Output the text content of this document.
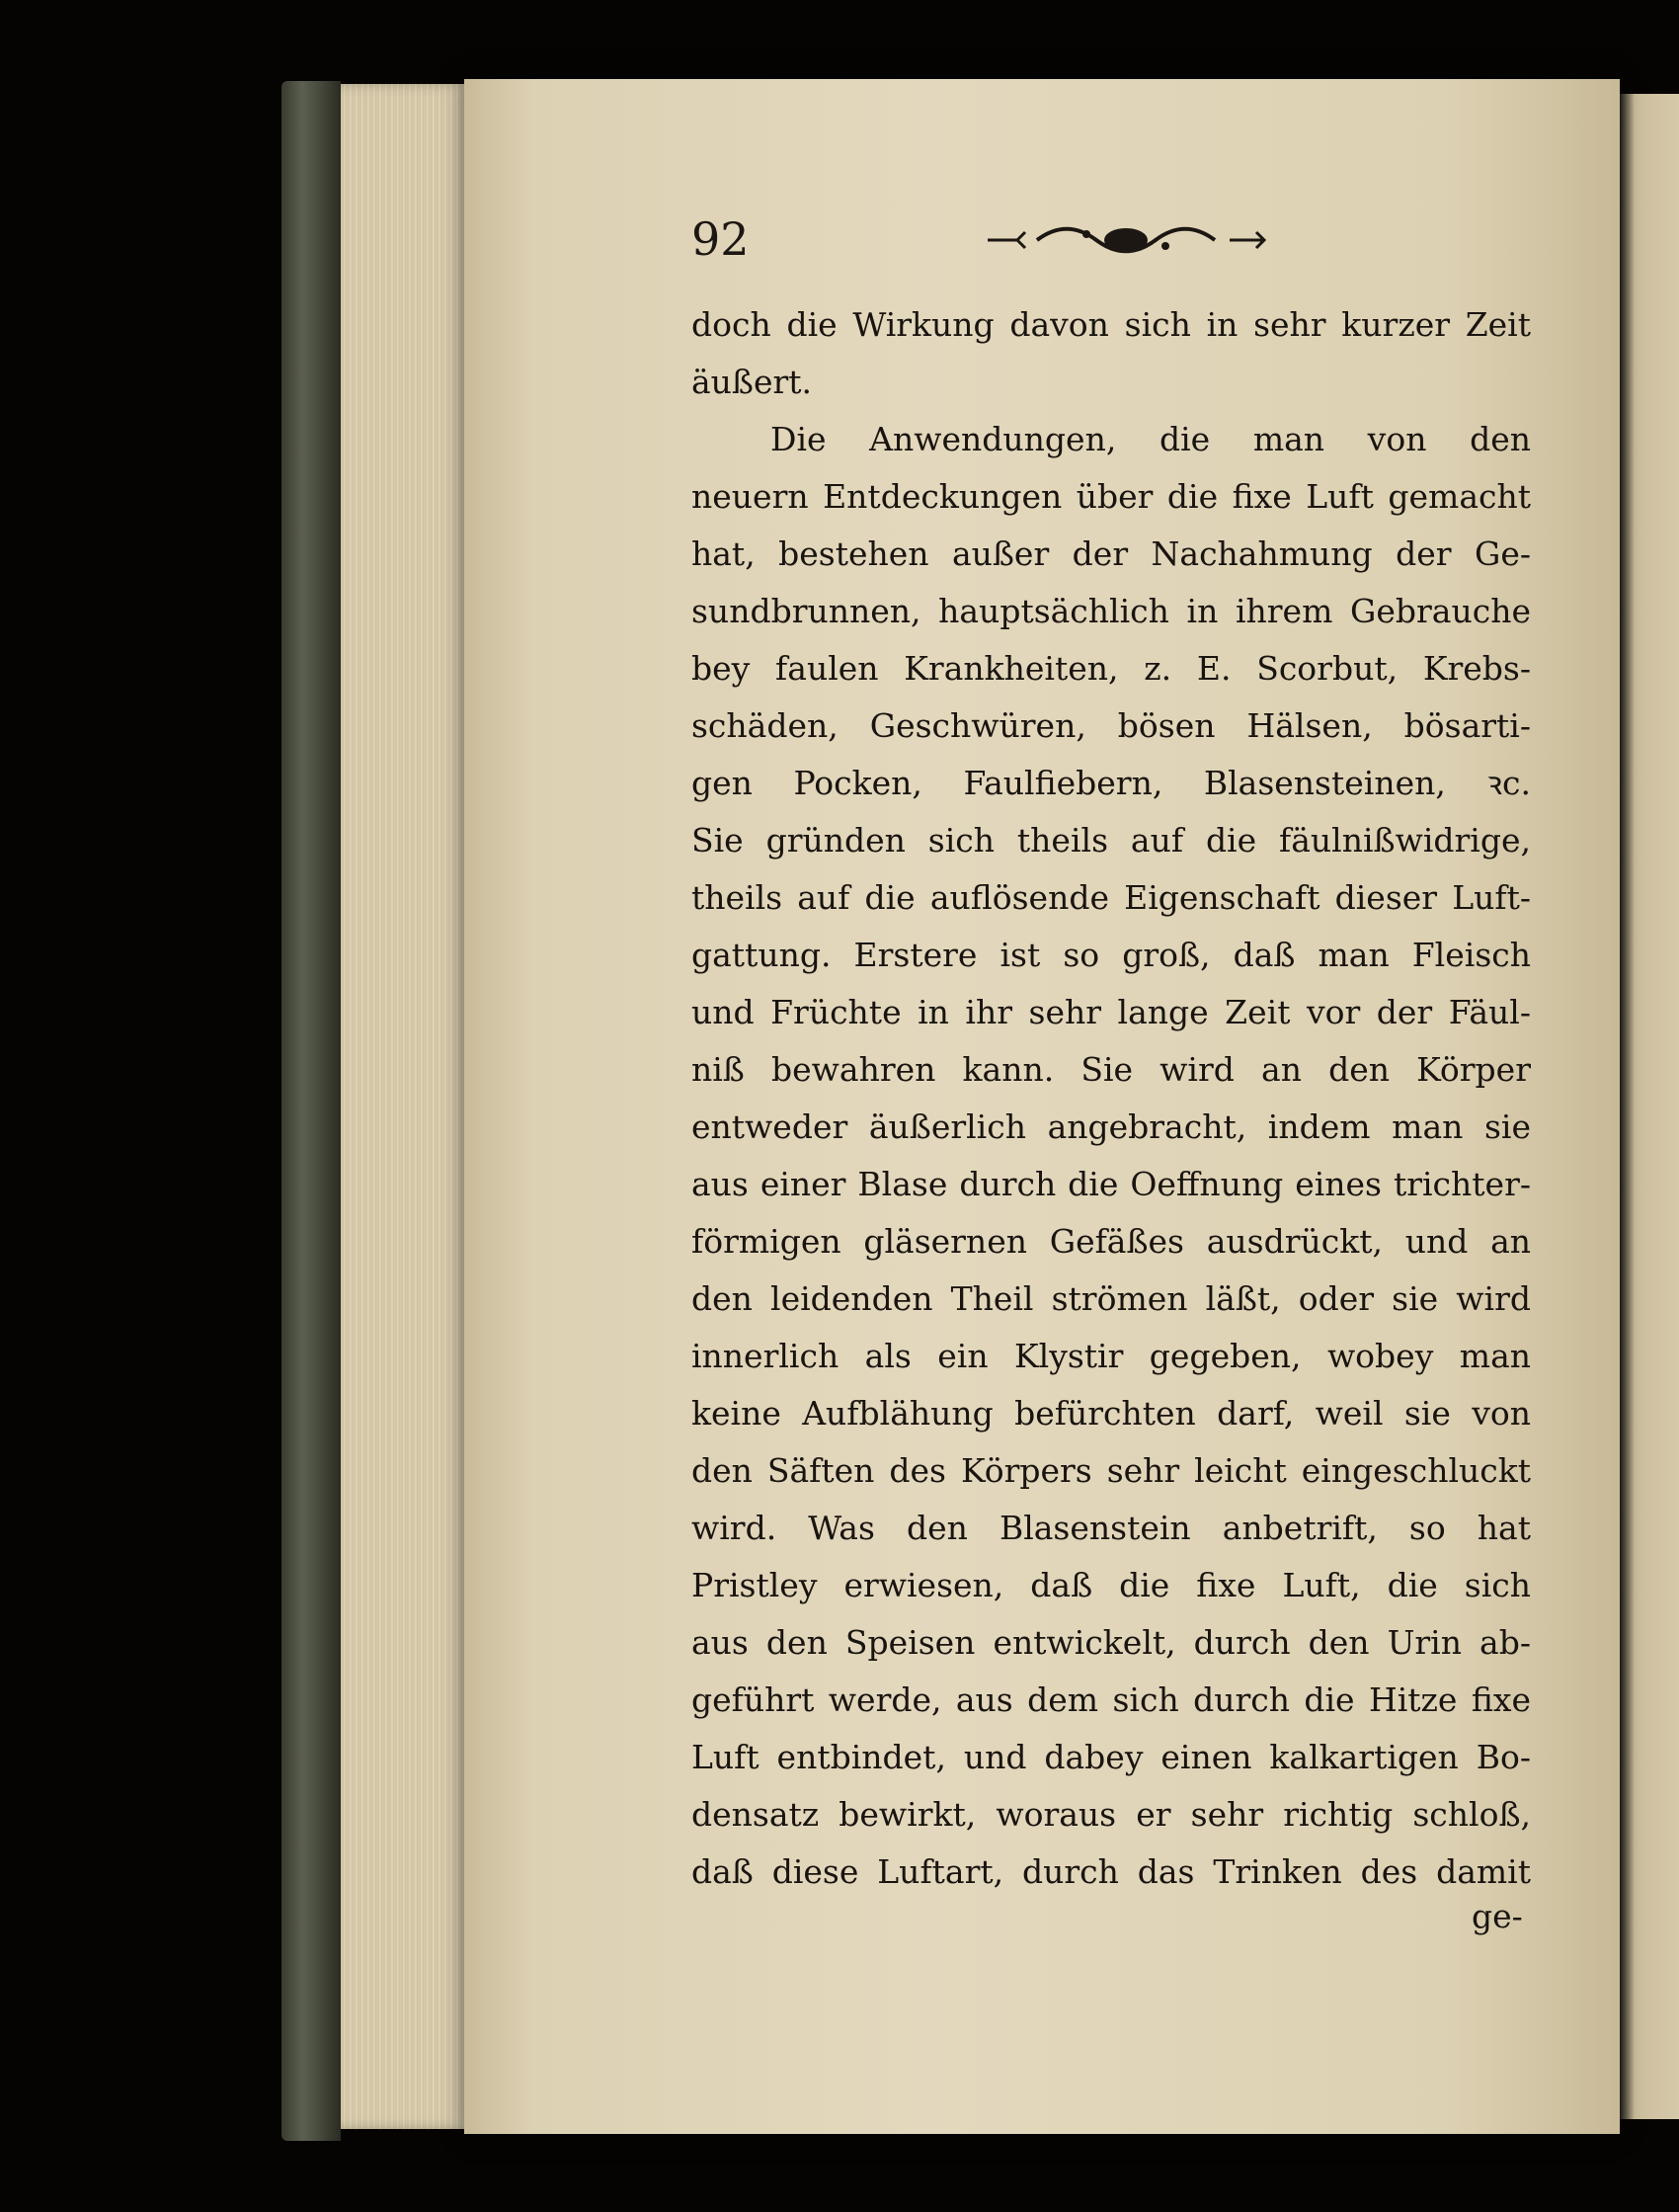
92
doch die Wirkung davon sich in sehr kurzer Zeit
äußert.
Die Anwendungen, die man von den
neuern Entdeckungen über die fixe Luft gemacht
hat, bestehen außer der Nachahmung der Ge-
sundbrunnen, hauptsächlich in ihrem Gebrauche
bey faulen Krankheiten, z. E. Scorbut, Krebs-
schäden, Geschwüren, bösen Hälsen, bösarti-
gen Pocken, Faulfiebern, Blasensteinen, ꝛc.
Sie gründen sich theils auf die fäulnißwidrige,
theils auf die auflösende Eigenschaft dieser Luft-
gattung. Erstere ist so groß, daß man Fleisch
und Früchte in ihr sehr lange Zeit vor der Fäul-
niß bewahren kann. Sie wird an den Körper
entweder äußerlich angebracht, indem man sie
aus einer Blase durch die Oeffnung eines trichter-
förmigen gläsernen Gefäßes ausdrückt, und an
den leidenden Theil strömen läßt, oder sie wird
innerlich als ein Klystir gegeben, wobey man
keine Aufblähung befürchten darf, weil sie von
den Säften des Körpers sehr leicht eingeschluckt
wird. Was den Blasenstein anbetrift, so hat
Pristley erwiesen, daß die fixe Luft, die sich
aus den Speisen entwickelt, durch den Urin ab-
geführt werde, aus dem sich durch die Hitze fixe
Luft entbindet, und dabey einen kalkartigen Bo-
densatz bewirkt, woraus er sehr richtig schloß,
daß diese Luftart, durch das Trinken des damit
ge-
